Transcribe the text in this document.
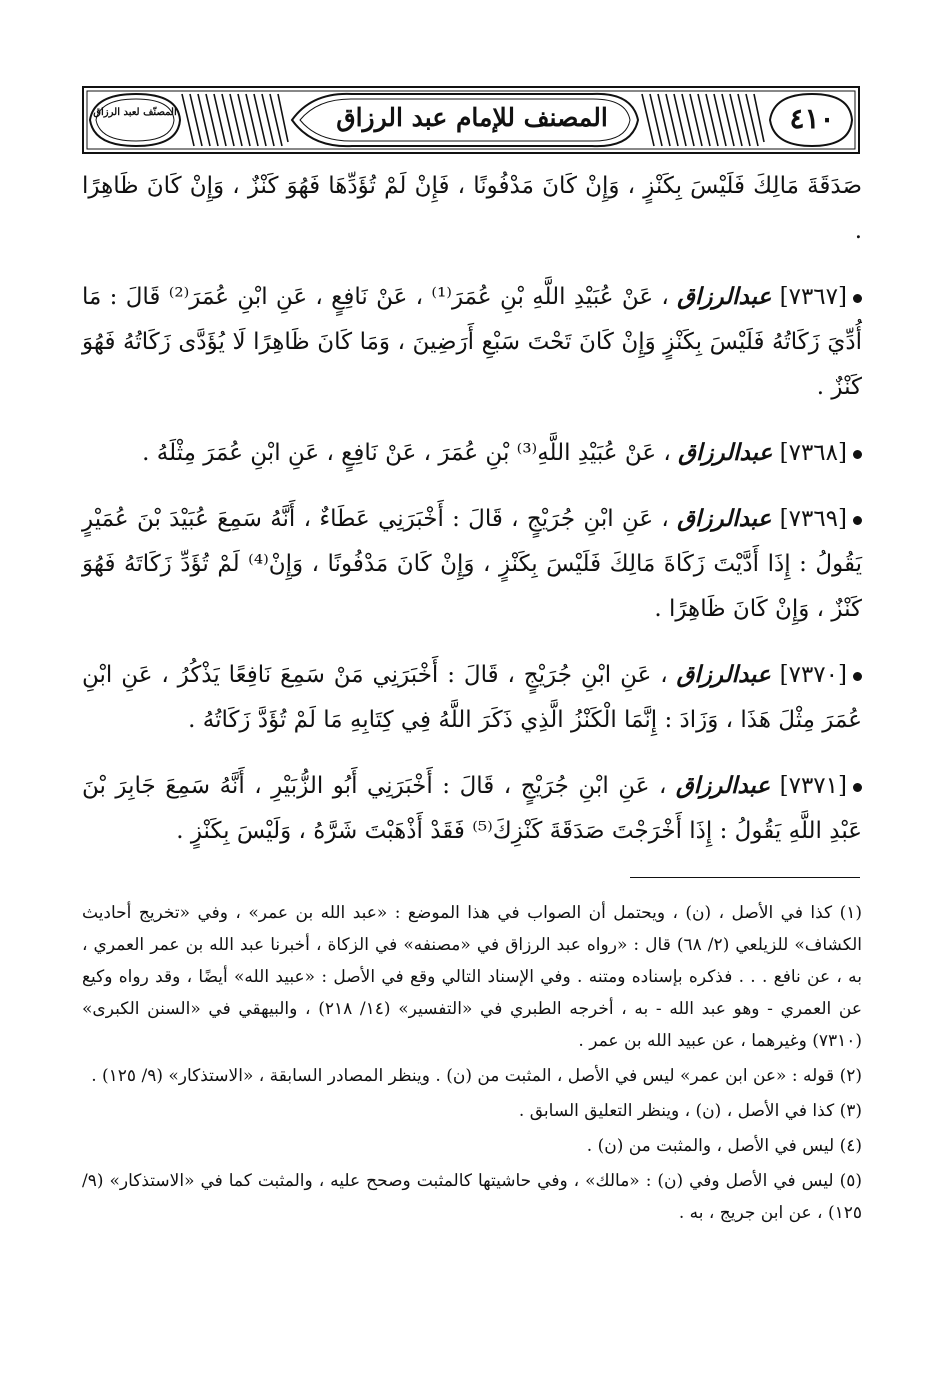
المصنف للإمام عبد الرزاق	٤١٠
المصنّف لعبد الرزاق

صَدَقَةَ مَالِكَ فَلَيْسَ بِكَنْزٍ ، وَإِنْ كَانَ مَدْفُونًا ، فَإِنْ لَمْ تُؤَدِّهَا فَهُوَ كَنْزٌ ، وَإِنْ كَانَ ظَاهِرًا .

[٧٣٦٧] عبدالرزاق ، عَنْ عُبَيْدِ اللَّهِ بْنِ عُمَرَ⁽¹⁾ ، عَنْ نَافِعٍ ، عَنِ ابْنِ عُمَرَ⁽²⁾ قَالَ : مَا أُدِّيَ زَكَاتُهُ فَلَيْسَ بِكَنْزٍ وَإِنْ كَانَ تَحْتَ سَبْعِ أَرَضِينَ ، وَمَا كَانَ ظَاهِرًا لَا يُؤَدَّى زَكَاتُهُ فَهُوَ كَنْزٌ .

[٧٣٦٨] عبدالرزاق ، عَنْ عُبَيْدِ اللَّهِ⁽³⁾ بْنِ عُمَرَ ، عَنْ نَافِعٍ ، عَنِ ابْنِ عُمَرَ مِثْلَهُ .

[٧٣٦٩] عبدالرزاق ، عَنِ ابْنِ جُرَيْجٍ ، قَالَ : أَخْبَرَنِي عَطَاءٌ ، أَنَّهُ سَمِعَ عُبَيْدَ بْنَ عُمَيْرٍ يَقُولُ : إِذَا أَدَّيْتَ زَكَاةَ مَالِكَ فَلَيْسَ بِكَنْزٍ ، وَإِنْ كَانَ مَدْفُونًا ، وَإِنْ⁽⁴⁾ لَمْ تُؤَدِّ زَكَاتَهُ فَهُوَ كَنْزٌ ، وَإِنْ كَانَ ظَاهِرًا .

[٧٣٧٠] عبدالرزاق ، عَنِ ابْنِ جُرَيْجٍ ، قَالَ : أَخْبَرَنِي مَنْ سَمِعَ نَافِعًا يَذْكُرُ ، عَنِ ابْنِ عُمَرَ مِثْلَ هَذَا ، وَزَادَ : إِنَّمَا الْكَنْزُ الَّذِي ذَكَرَ اللَّهُ فِي كِتَابِهِ مَا لَمْ تُؤَدَّ زَكَاتُهُ .

[٧٣٧١] عبدالرزاق ، عَنِ ابْنِ جُرَيْجٍ ، قَالَ : أَخْبَرَنِي أَبُو الزُّبَيْرِ ، أَنَّهُ سَمِعَ جَابِرَ بْنَ عَبْدِ اللَّهِ يَقُولُ : إِذَا أَخْرَجْتَ صَدَقَةَ كَنْزِكَ⁽⁵⁾ فَقَدْ أَذْهَبْتَ شَرَّهُ ، وَلَيْسَ بِكَنْزٍ .

(١) كذا في الأصل ، (ن) ، ويحتمل أن الصواب في هذا الموضع : «عبد الله بن عمر» ، وفي «تخريج أحاديث الكشاف» للزيلعي (٢/ ٦٨) قال : «رواه عبد الرزاق في «مصنفه» في الزكاة ، أخبرنا عبد الله بن عمر العمري ، به ، عن نافع . . . فذكره بإسناده ومتنه . وفي الإسناد التالي وقع في الأصل : «عبيد الله» أيضًا ، وقد رواه وكيع عن العمري - وهو عبد الله - به ، أخرجه الطبري في «التفسير» (١٤/ ٢١٨) ، والبيهقي في «السنن الكبرى» (٧٣١٠) وغيرهما ، عن عبيد الله بن عمر .

(٢) قوله : «عن ابن عمر» ليس في الأصل ، المثبت من (ن) . وينظر المصادر السابقة ، «الاستذكار» (٩/ ١٢٥) .

(٣) كذا في الأصل ، (ن) ، وينظر التعليق السابق .

(٤) ليس في الأصل ، والمثبت من (ن) .

(٥) ليس في الأصل وفي (ن) : «مالك» ، وفي حاشيتها كالمثبت وصحح عليه ، والمثبت كما في «الاستذكار» (٩/ ١٢٥) ، عن ابن جريج ، به .
